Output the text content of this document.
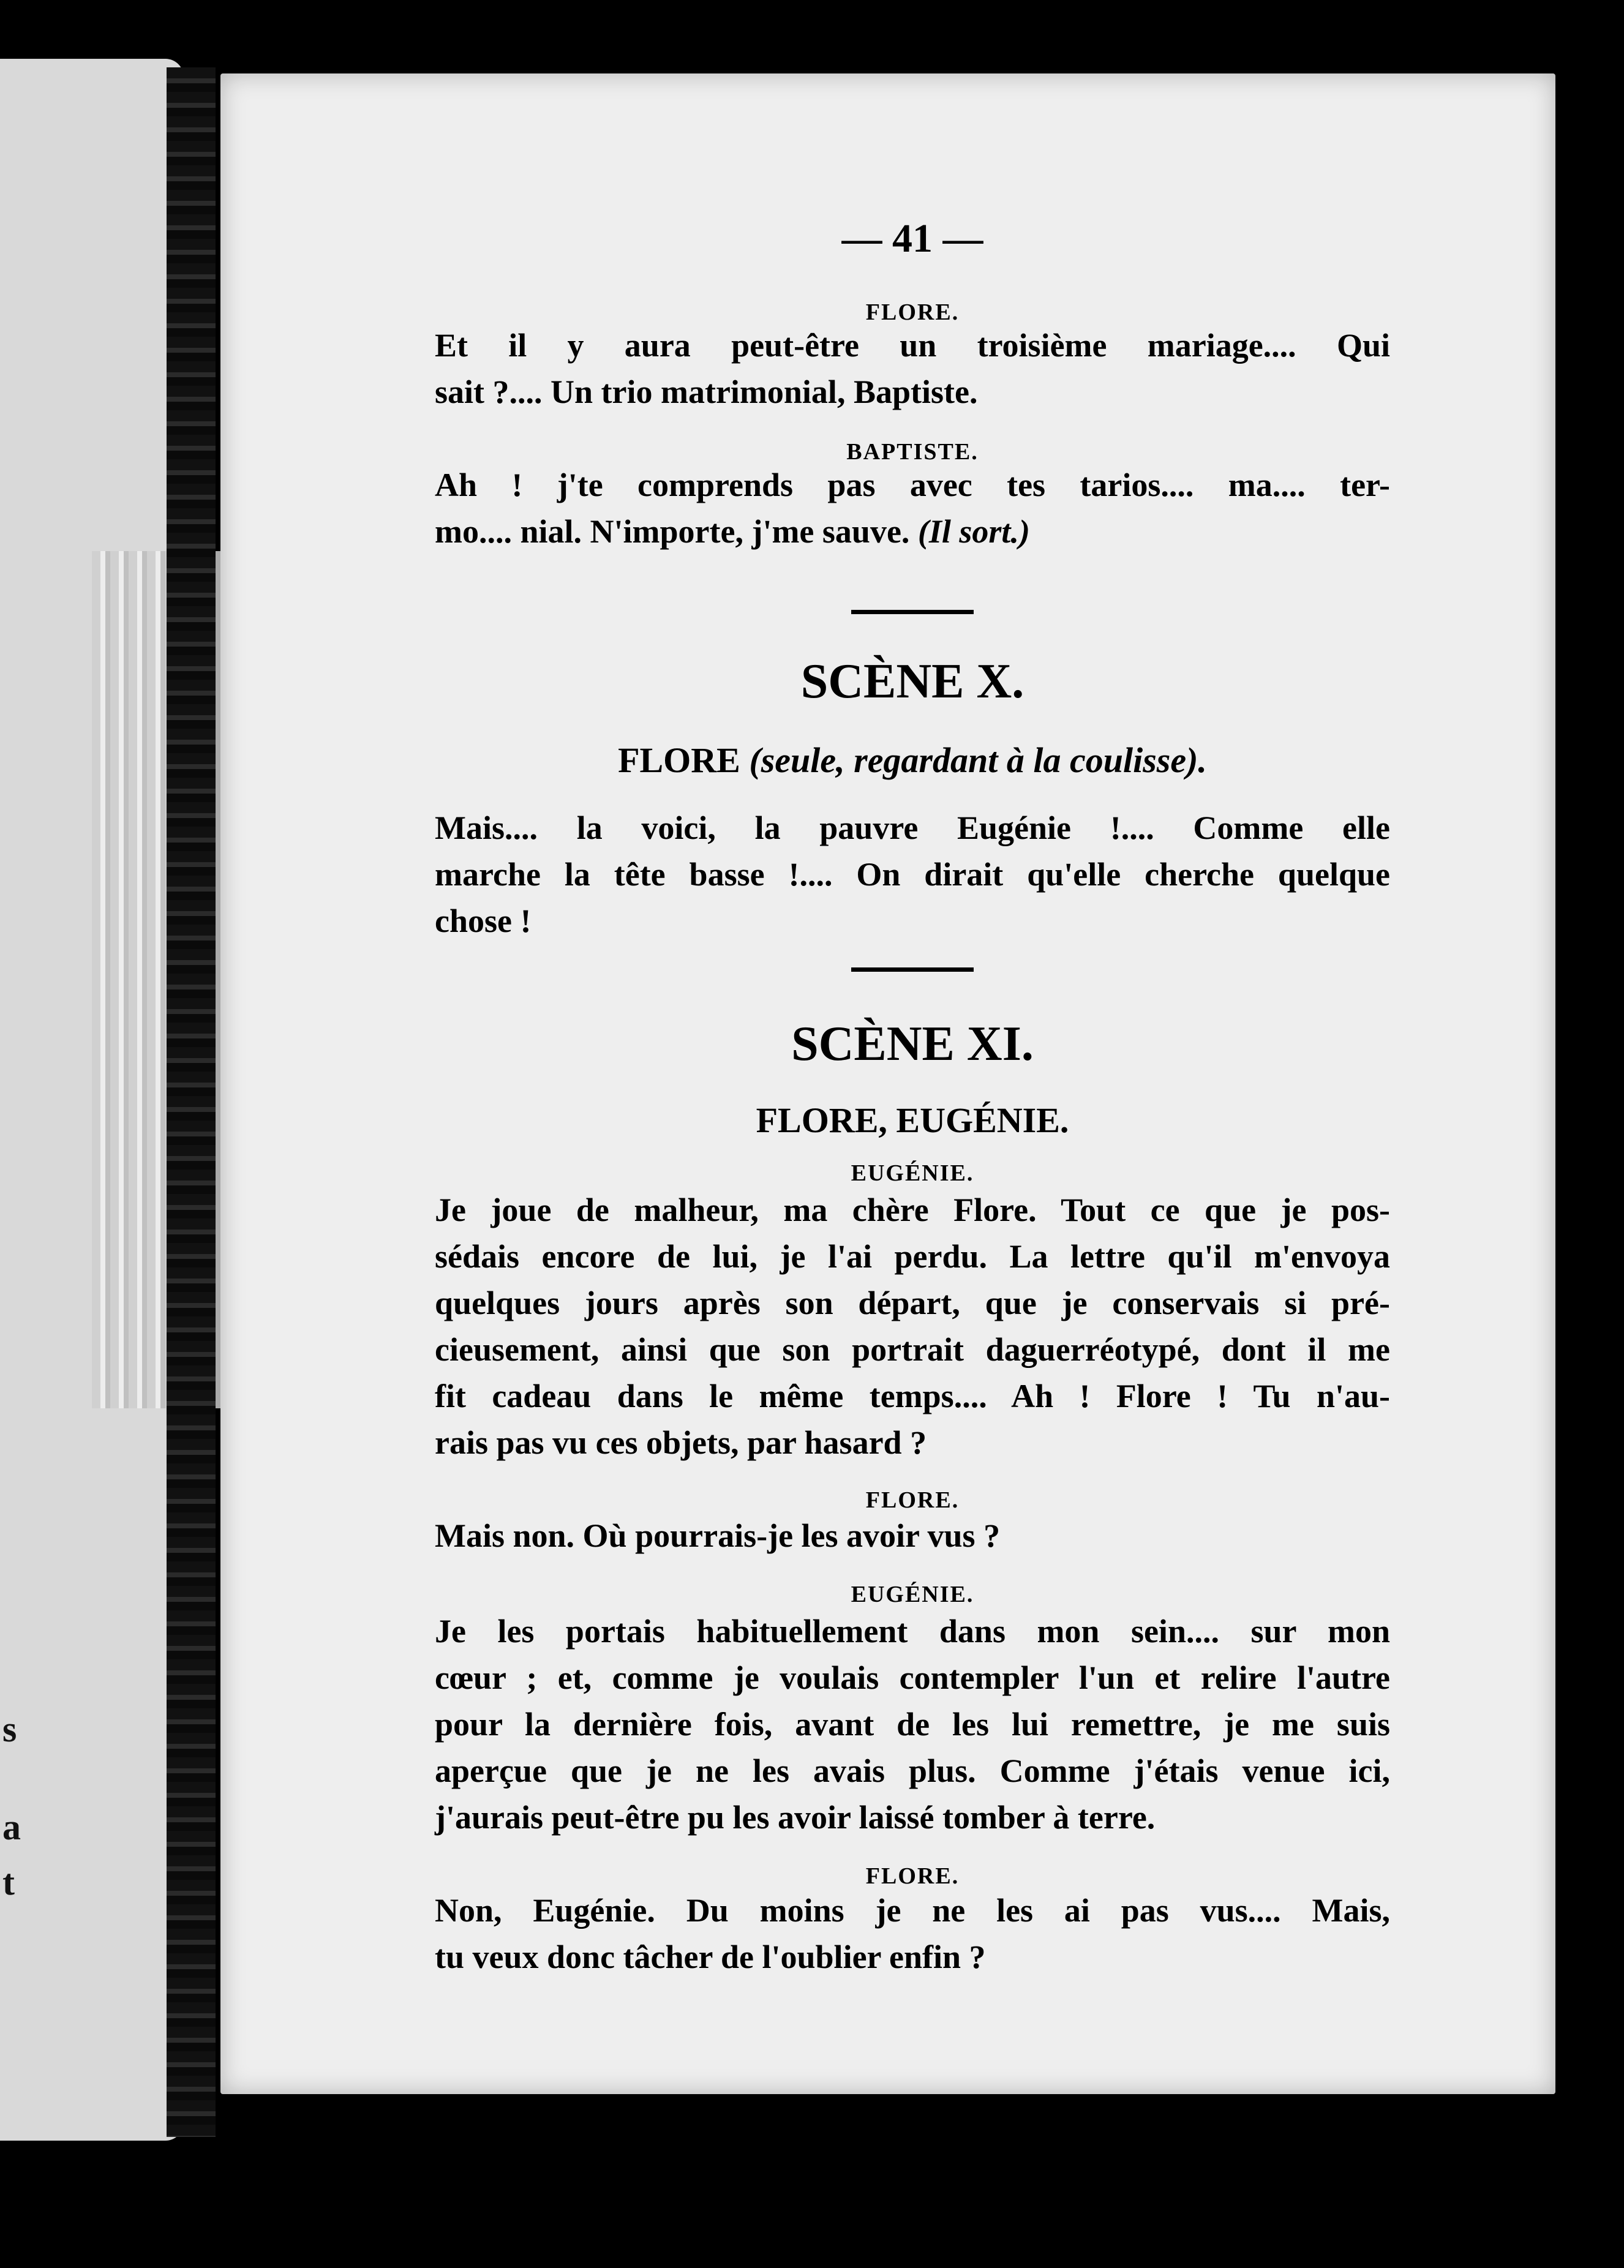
s
a
t
— 41 —
FLORE.
Et il y aura peut-être un troisième mariage.... Qui
sait ?.... Un trio matrimonial, Baptiste.
BAPTISTE.
Ah ! j'te comprends pas avec tes tarios.... ma.... ter-
mo.... nial. N'importe, j'me sauve. (Il sort.)
SCÈNE X.
FLORE (seule, regardant à la coulisse).
Mais.... la voici, la pauvre Eugénie !.... Comme elle
marche la tête basse !.... On dirait qu'elle cherche quelque
chose !
SCÈNE XI.
FLORE, EUGÉNIE.
EUGÉNIE.
Je joue de malheur, ma chère Flore. Tout ce que je pos-
sédais encore de lui, je l'ai perdu. La lettre qu'il m'envoya
quelques jours après son départ, que je conservais si pré-
cieusement, ainsi que son portrait daguerréotypé, dont il me
fit cadeau dans le même temps.... Ah ! Flore ! Tu n'au-
rais pas vu ces objets, par hasard ?
FLORE.
Mais non. Où pourrais-je les avoir vus ?
EUGÉNIE.
Je les portais habituellement dans mon sein.... sur mon
cœur ; et, comme je voulais contempler l'un et relire l'autre
pour la dernière fois, avant de les lui remettre, je me suis
aperçue que je ne les avais plus. Comme j'étais venue ici,
j'aurais peut-être pu les avoir laissé tomber à terre.
FLORE.
Non, Eugénie. Du moins je ne les ai pas vus.... Mais,
tu veux donc tâcher de l'oublier enfin ?
